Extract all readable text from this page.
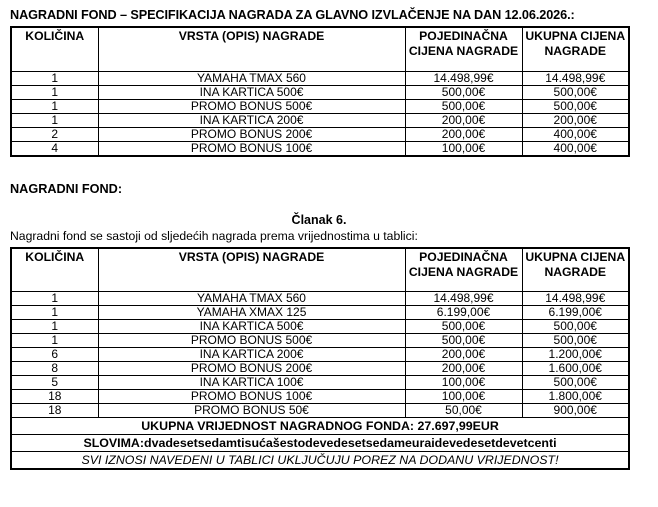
NAGRADNI FOND – SPECIFIKACIJA NAGRADA ZA GLAVNO IZVLAČENJE NA DAN 12.06.2026.:
KOLIČINA	VRSTA (OPIS) NAGRADE	POJEDINAČNA CIJENA NAGRADE	UKUPNA CIJENA NAGRADE
1	YAMAHA TMAX 560	14.498,99€	14.498,99€
1	INA KARTICA 500€	500,00€	500,00€
1	PROMO BONUS 500€	500,00€	500,00€
1	INA KARTICA 200€	200,00€	200,00€
2	PROMO BONUS 200€	200,00€	400,00€
4	PROMO BONUS 100€	100,00€	400,00€
NAGRADNI FOND:
Članak 6.
Nagradni fond se sastoji od sljedećih nagrada prema vrijednostima u tablici:
KOLIČINA	VRSTA (OPIS) NAGRADE	POJEDINAČNA CIJENA NAGRADE	UKUPNA CIJENA NAGRADE
1	YAMAHA TMAX 560	14.498,99€	14.498,99€
1	YAMAHA XMAX 125	6.199,00€	6.199,00€
1	INA KARTICA 500€	500,00€	500,00€
1	PROMO BONUS 500€	500,00€	500,00€
6	INA KARTICA 200€	200,00€	1.200,00€
8	PROMO BONUS 200€	200,00€	1.600,00€
5	INA KARTICA 100€	100,00€	500,00€
18	PROMO BONUS 100€	100,00€	1.800,00€
18	PROMO BONUS 50€	50,00€	900,00€
UKUPNA VRIJEDNOST NAGRADNOG FONDA: 27.697,99EUR			
SLOVIMA:dvadesetsedamtisućašestodevedesetsedameuraidevedesetdevetcenti			
SVI IZNOSI NAVEDENI U TABLICI UKLJUČUJU POREZ NA DODANU VRIJEDNOST!			
